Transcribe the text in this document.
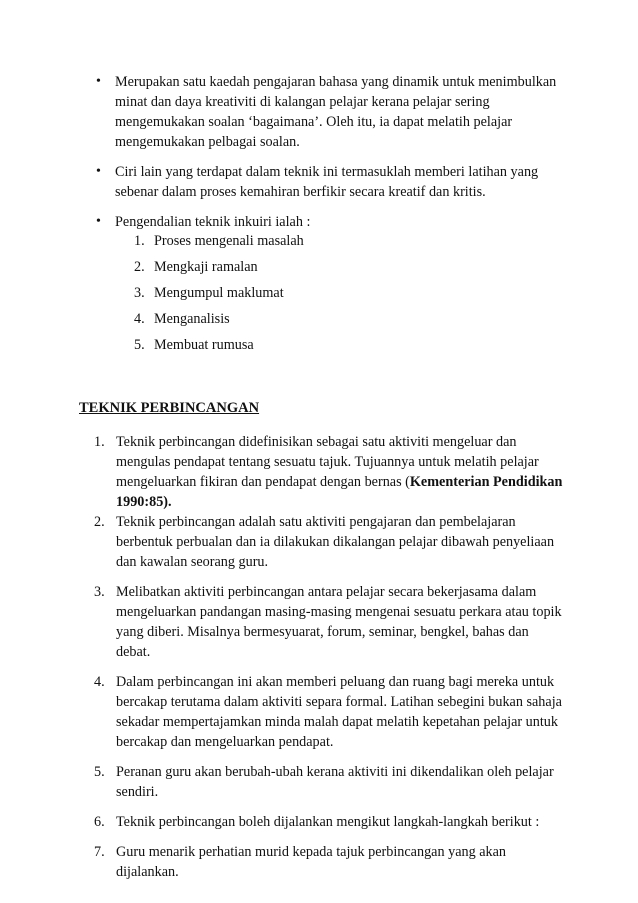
• Merupakan satu kaedah pengajaran bahasa yang dinamik untuk menimbulkan minat dan daya kreativiti di kalangan pelajar kerana pelajar sering mengemukakan soalan ‘bagaimana’. Oleh itu, ia dapat melatih pelajar mengemukakan pelbagai soalan.
• Ciri lain yang terdapat dalam teknik ini termasuklah memberi latihan yang sebenar dalam proses kemahiran berfikir secara kreatif dan kritis.
• Pengendalian teknik inkuiri ialah :
1. Proses mengenali masalah
2. Mengkaji ramalan
3. Mengumpul maklumat
4. Menganalisis
5. Membuat rumusa
TEKNIK PERBINCANGAN
1. Teknik perbincangan didefinisikan sebagai satu aktiviti mengeluar dan mengulas pendapat tentang sesuatu tajuk. Tujuannya untuk melatih pelajar mengeluarkan fikiran dan pendapat dengan bernas (Kementerian Pendidikan 1990:85).
2. Teknik perbincangan adalah satu aktiviti pengajaran dan pembelajaran berbentuk perbualan dan ia dilakukan dikalangan pelajar dibawah penyeliaan dan kawalan seorang guru.
3. Melibatkan aktiviti perbincangan antara pelajar secara bekerjasama dalam mengeluarkan pandangan masing-masing mengenai sesuatu perkara atau topik yang diberi. Misalnya bermesyuarat, forum, seminar, bengkel, bahas dan debat.
4. Dalam perbincangan ini akan memberi peluang dan ruang bagi mereka untuk bercakap terutama dalam aktiviti separa formal. Latihan sebegini bukan sahaja sekadar mempertajamkan minda malah dapat melatih kepetahan pelajar untuk bercakap dan mengeluarkan pendapat.
5. Peranan guru akan berubah-ubah kerana aktiviti ini dikendalikan oleh pelajar sendiri.
6. Teknik perbincangan boleh dijalankan mengikut langkah-langkah berikut :
7. Guru menarik perhatian murid kepada tajuk perbincangan yang akan dijalankan.
